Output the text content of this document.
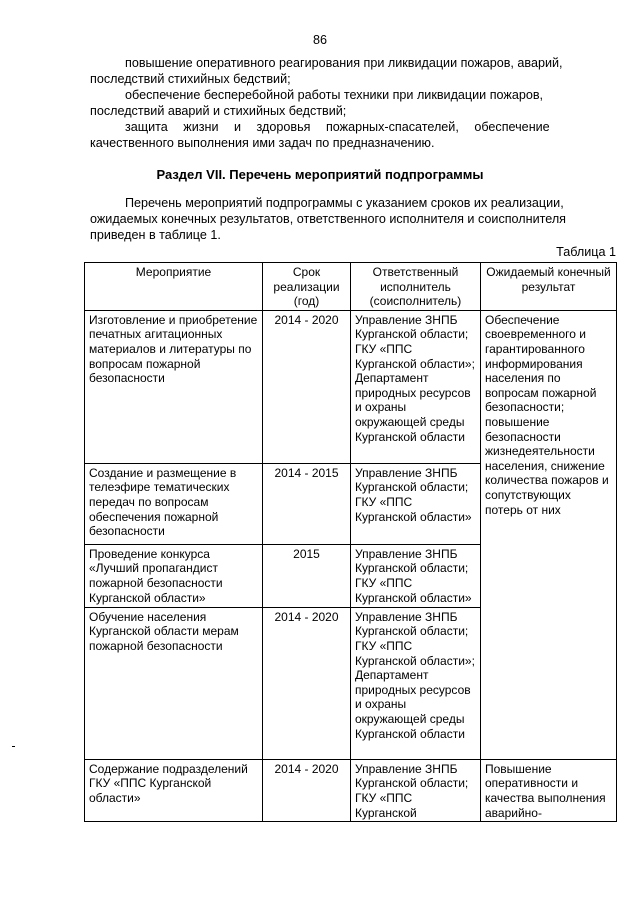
86
повышение оперативного реагирования при ликвидации пожаров, аварий,
последствий стихийных бедствий;
обеспечение бесперебойной работы техники при ликвидации пожаров,
последствий аварий и стихийных бедствий;
защита жизни и здоровья пожарных-спасателей, обеспечение
качественного выполнения ими задач по предназначению.
Раздел VII. Перечень мероприятий подпрограммы
Перечень мероприятий подпрограммы с указанием сроков их реализации,
ожидаемых конечных результатов, ответственного исполнителя и соисполнителя
приведен в таблице 1.
Таблица 1
Мероприятие	Срок реализации (год)	Ответственный исполнитель (соисполнитель)	Ожидаемый конечный результат
Изготовление и приобретение печатных агитационных материалов и литературы по вопросам пожарной безопасности	2014 - 2020	Управление ЗНПБ Курганской области; ГКУ «ППС Курганской области»; Департамент природных ресурсов и охраны окружающей среды Курганской области	Обеспечение своевременного и гарантированного информирования населения по вопросам пожарной безопасности; повышение безопасности жизнедеятельности населения, снижение количества пожаров и сопутствующих потерь от них
Создание и размещение в телеэфире тематических передач по вопросам обеспечения пожарной безопасности	2014 - 2015	Управление ЗНПБ Курганской области; ГКУ «ППС Курганской области»	
Проведение конкурса «Лучший пропагандист пожарной безопасности Курганской области»	2015	Управление ЗНПБ Курганской области; ГКУ «ППС Курганской области»	
Обучение населения Курганской области мерам пожарной безопасности	2014 - 2020	Управление ЗНПБ Курганской области; ГКУ «ППС Курганской области»; Департамент природных ресурсов и охраны окружающей среды Курганской области	
Содержание подразделений ГКУ «ППС Курганской области»	2014 - 2020	Управление ЗНПБ Курганской области; ГКУ «ППС Курганской	Повышение оперативности и качества выполнения аварийно-
